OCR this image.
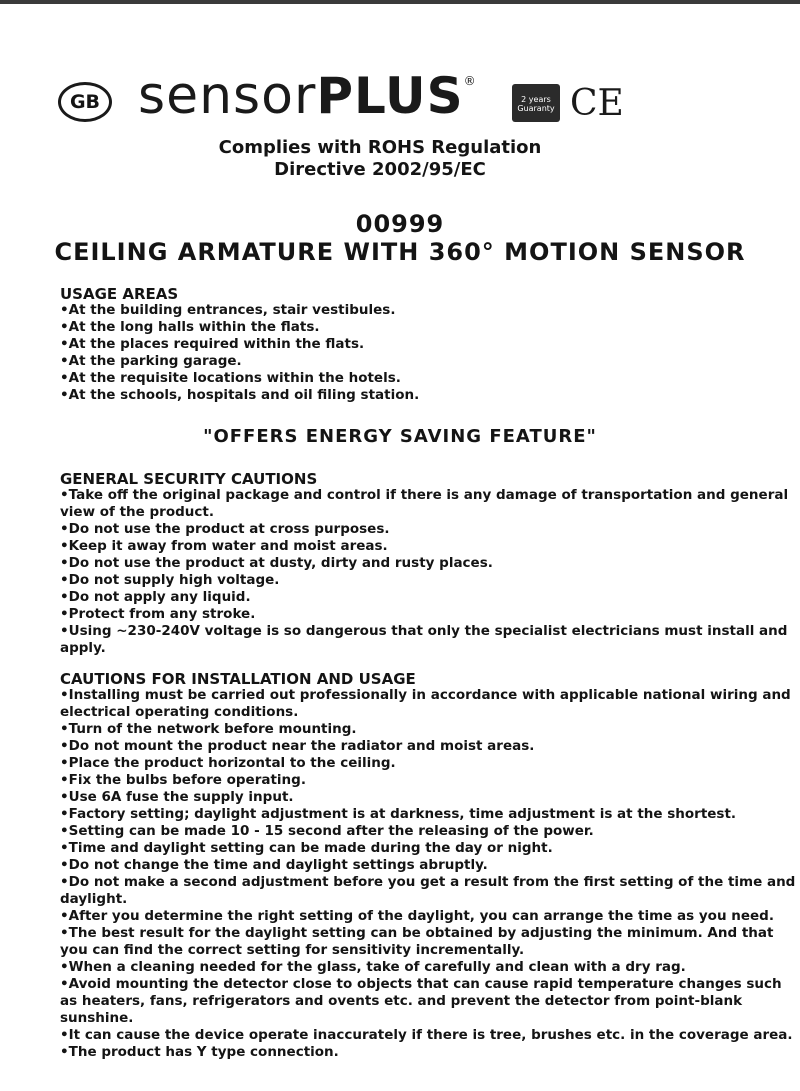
GB sensorPLUS®
2 years
Guaranty CE
Complies with ROHS Regulation
Directive 2002/95/EC
00999
CEILING ARMATURE WITH 360° MOTION SENSOR
USAGE AREAS
• At the building entrances, stair vestibules.
• At the long halls within the flats.
• At the places required within the flats.
• At the parking garage.
• At the requisite locations within the hotels.
• At the schools, hospitals and oil filing station.
"OFFERS ENERGY SAVING FEATURE"
GENERAL SECURITY CAUTIONS
• Take off the original package and control if there is any damage of transportation and general view of the product.
• Do not use the product at cross purposes.
• Keep it away from water and moist areas.
• Do not use the product at dusty, dirty and rusty places.
• Do not supply high voltage.
• Do not apply any liquid.
• Protect from any stroke.
• Using ~230-240V voltage is so dangerous that only the specialist electricians must install and apply.
CAUTIONS FOR INSTALLATION AND USAGE
• Installing must be carried out professionally in accordance with applicable national wiring and electrical operating conditions.
• Turn of the network before mounting.
• Do not mount the product near the radiator and moist areas.
• Place the product horizontal to the ceiling.
• Fix the bulbs before operating.
• Use 6A fuse the supply input.
• Factory setting; daylight adjustment is at darkness, time adjustment is at the shortest.
• Setting can be made 10 - 15 second after the releasing of the power.
• Time and daylight setting can be made during the day or night.
• Do not change the time and daylight settings abruptly.
• Do not make a second adjustment before you get a result from the first setting of the time and daylight.
• After you determine the right setting of the daylight, you can arrange the time as you need.
• The best result for the daylight setting can be obtained by adjusting the minimum. And that you can find the correct setting for sensitivity incrementally.
• When a cleaning needed for the glass, take of carefully and clean with a dry rag.
• Avoid mounting the detector close to objects that can cause rapid temperature changes such as heaters, fans, refrigerators and ovents etc. and prevent the detector from point-blank sunshine.
• It can cause the device operate inaccurately if there is tree, brushes etc. in the coverage area.
• The product has Y type connection.
